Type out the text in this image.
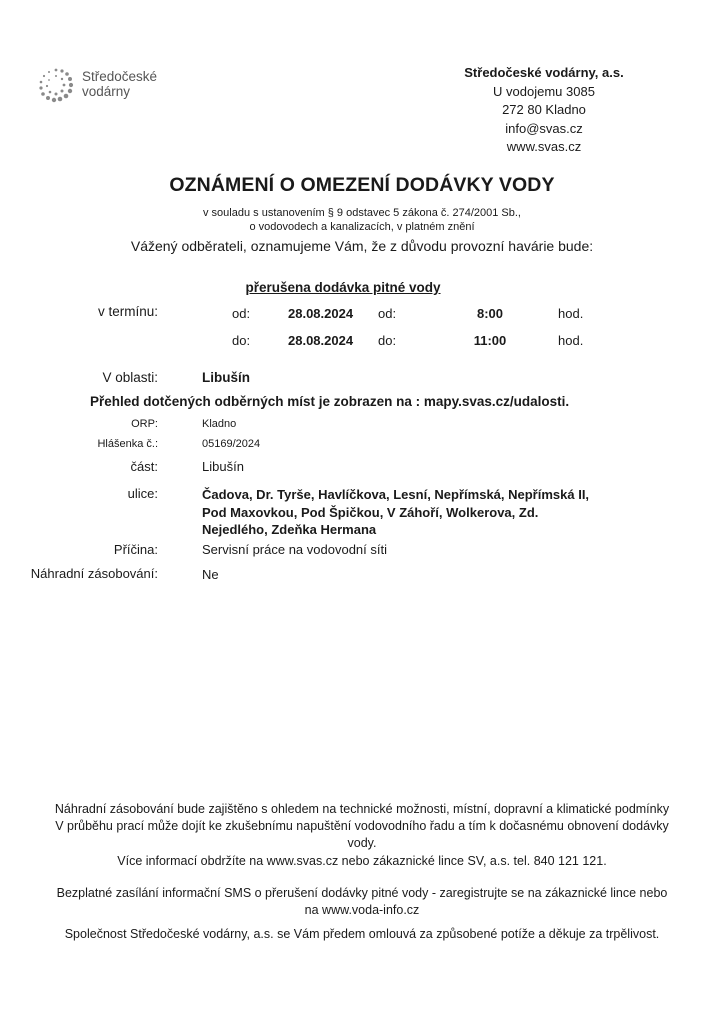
Středočeské
vodárny
Středočeské vodárny, a.s.
U vodojemu 3085
272 80 Kladno
info@svas.cz
www.svas.cz
OZNÁMENÍ O OMEZENÍ DODÁVKY VODY
v souladu s ustanovením § 9 odstavec 5 zákona č. 274/2001 Sb.,
o vodovodech a kanalizacích, v platném znění
Vážený odběrateli, oznamujeme Vám, že z důvodu provozní havárie bude:
přerušena dodávka pitné vody
v termínu:	od:	28.08.2024 od:	8:00	hod.
do:	28.08.2024 do:	11:00	hod.
V oblasti:	Libušín
Přehled dotčených odběrných míst je zobrazen na : mapy.svas.cz/udalosti.
ORP:	Kladno
Hlášenka č.:	05169/2024
část:	Libušín
ulice:	Čadova, Dr. Tyrše, Havlíčkova, Lesní, Nepřímská, Nepřímská II,
Pod Maxovkou, Pod Špičkou, V Záhoří, Wolkerova, Zd.
Nejedlého, Zdeňka Hermana
Příčina:	Servisní práce na vodovodní síti
Náhradní zásobování:	Ne
Náhradní zásobování bude zajištěno s ohledem na technické možnosti, místní, dopravní a klimatické podmínky
V průběhu prací může dojít ke zkušebnímu napuštění vodovodního řadu a tím k dočasnému obnovení dodávky
vody.
Více informací obdržíte na www.svas.cz nebo zákaznické lince SV, a.s. tel. 840 121 121.
Bezplatné zasílání informační SMS o přerušení dodávky pitné vody - zaregistrujte se na zákaznické lince nebo
na www.voda-info.cz
Společnost Středočeské vodárny, a.s. se Vám předem omlouvá za způsobené potíže a děkuje za trpělivost.
